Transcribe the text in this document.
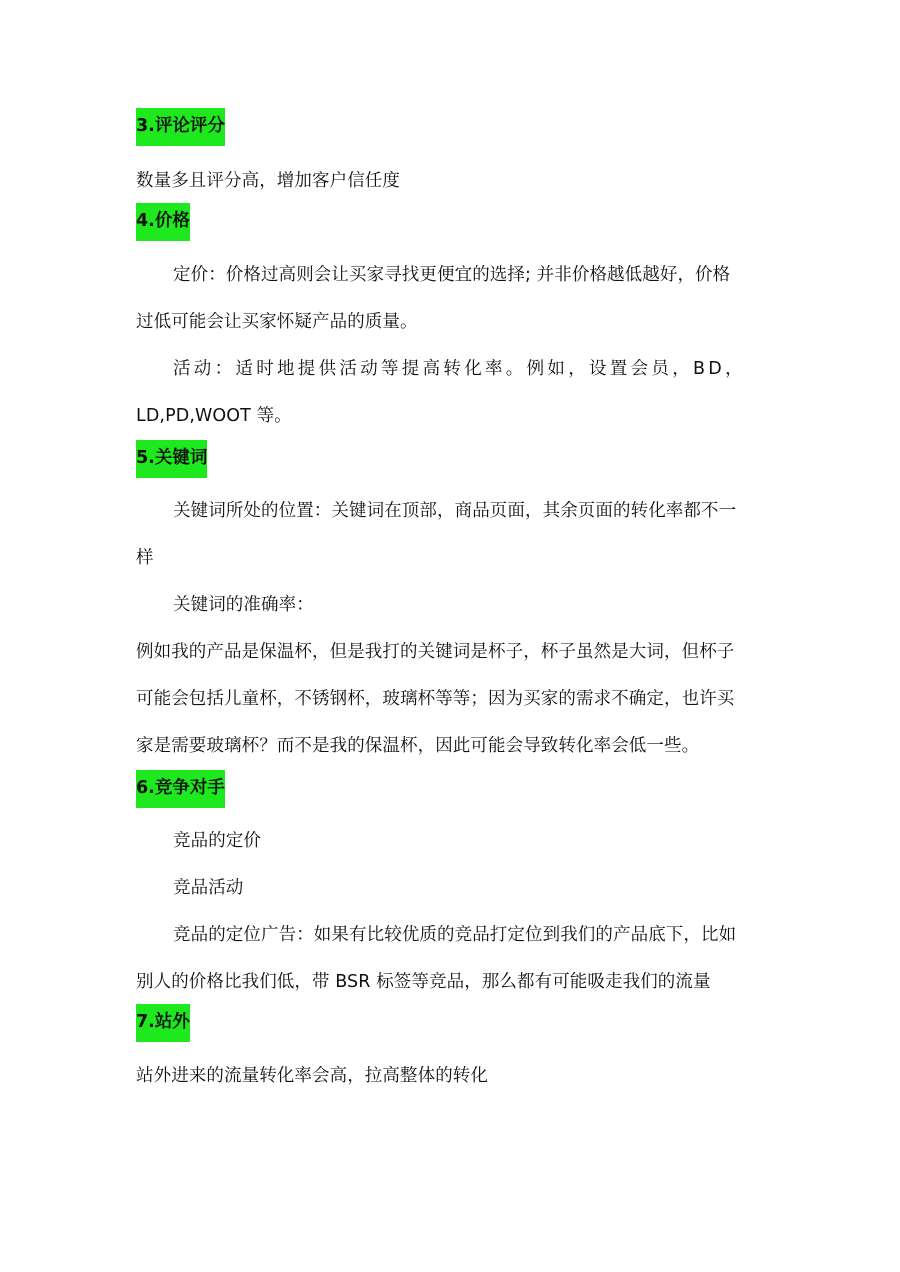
3.评论评分
数量多且评分高，增加客户信任度
4.价格
定价：价格过高则会让买家寻找更便宜的选择; 并非价格越低越好，价格
过低可能会让买家怀疑产品的质量。
活动：适时地提供活动等提高转化率。例如，设置会员，BD，
LD,PD,WOOT 等。
5.关键词
关键词所处的位置：关键词在顶部，商品页面，其余页面的转化率都不一
样
关键词的准确率：
例如我的产品是保温杯，但是我打的关键词是杯子，杯子虽然是大词，但杯子
可能会包括儿童杯，不锈钢杯，玻璃杯等等；因为买家的需求不确定，也许买
家是需要玻璃杯？而不是我的保温杯，因此可能会导致转化率会低一些。
6.竞争对手
竞品的定价
竞品活动
竞品的定位广告：如果有比较优质的竞品打定位到我们的产品底下，比如
别人的价格比我们低，带 BSR 标签等竞品，那么都有可能吸走我们的流量
7.站外
站外进来的流量转化率会高，拉高整体的转化
